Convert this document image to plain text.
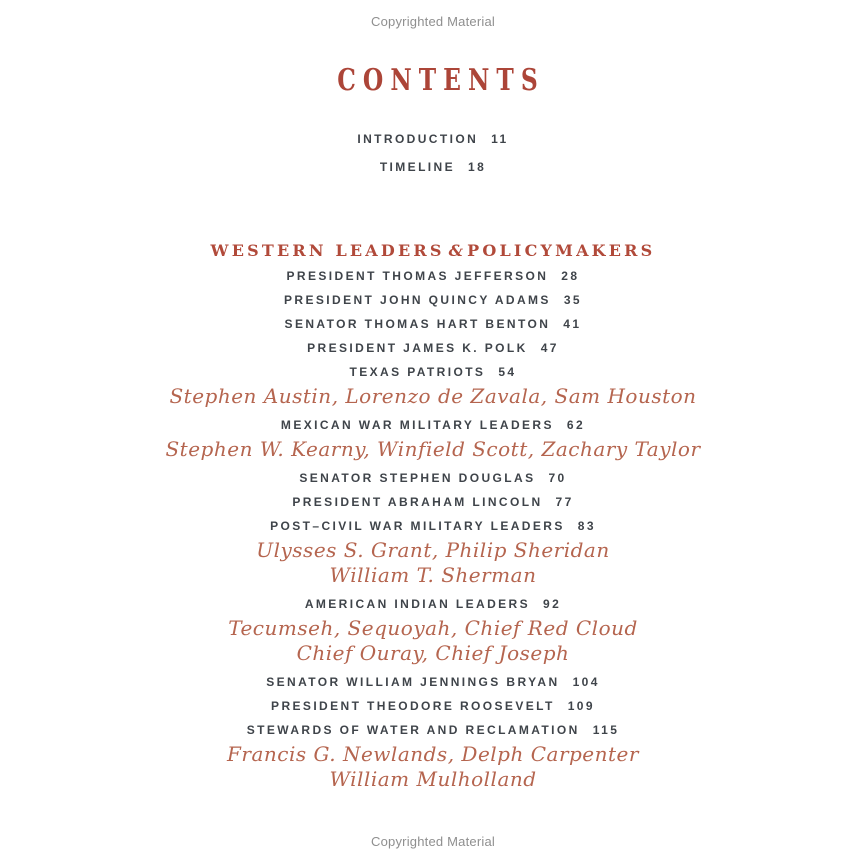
Copyrighted Material
CONTENTS
INTRODUCTION 11
TIMELINE 18
WESTERN LEADERS & POLICYMAKERS
PRESIDENT THOMAS JEFFERSON 28
PRESIDENT JOHN QUINCY ADAMS 35
SENATOR THOMAS HART BENTON 41
PRESIDENT JAMES K. POLK 47
TEXAS PATRIOTS 54
Stephen Austin, Lorenzo de Zavala, Sam Houston
MEXICAN WAR MILITARY LEADERS 62
Stephen W. Kearny, Winfield Scott, Zachary Taylor
SENATOR STEPHEN DOUGLAS 70
PRESIDENT ABRAHAM LINCOLN 77
POST–CIVIL WAR MILITARY LEADERS 83
Ulysses S. Grant, Philip Sheridan
William T. Sherman
AMERICAN INDIAN LEADERS 92
Tecumseh, Sequoyah, Chief Red Cloud
Chief Ouray, Chief Joseph
SENATOR WILLIAM JENNINGS BRYAN 104
PRESIDENT THEODORE ROOSEVELT 109
STEWARDS OF WATER AND RECLAMATION 115
Francis G. Newlands, Delph Carpenter
William Mulholland
Copyrighted Material
